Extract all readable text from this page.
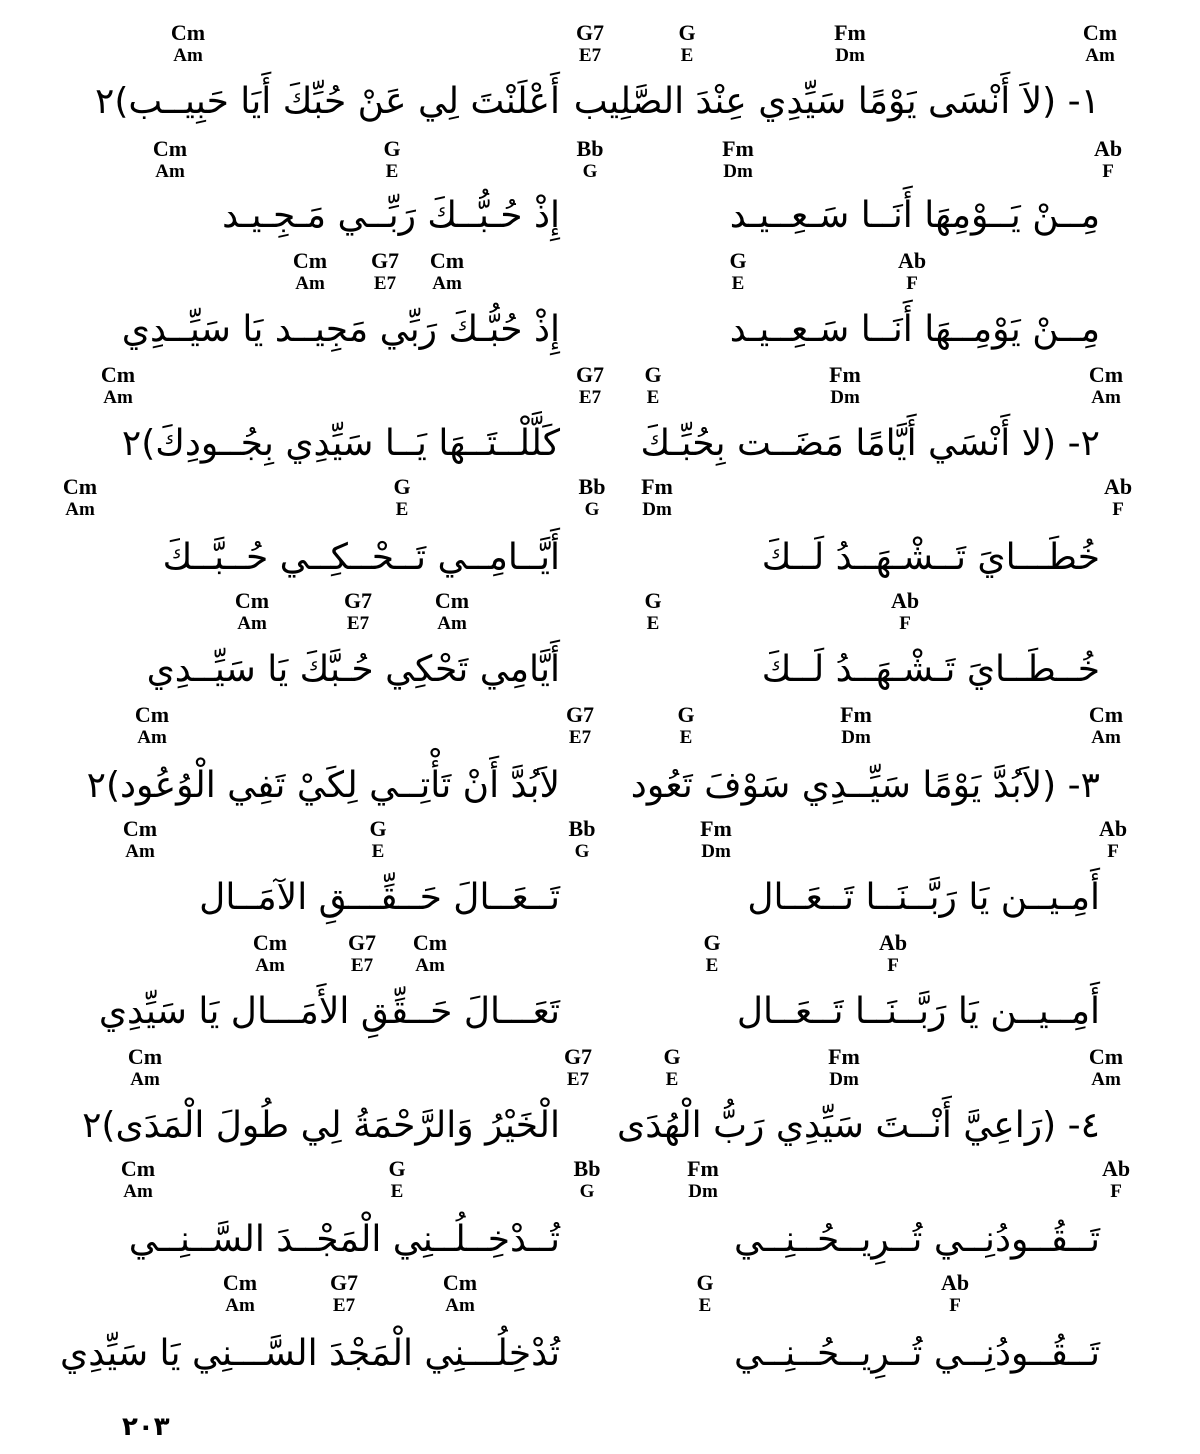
Cm
Am
G7
E7
G
E
Fm
Dm
Cm
Am
١- (لاَ أَنْسَى يَوْمًا سَيِّدِي عِنْدَ الصَّلِيب
أَعْلَنْتَ لِي عَنْ حُبِّكَ أَيَا حَبِيــب)٢
Cm
Am
G
E
Bb
G
Fm
Dm
Ab
F
مِــنْ يَــوْمِهَا أَنَــا سَـعِــيـد
إِذْ حُـبُّــكَ رَبِّــي مَـجِـيـد
Cm
Am
G7
E7
Cm
Am
G
E
Ab
F
مِــنْ يَوْمِــهَا أَنَــا سَـعِــيـد
إِذْ حُبُّـكَ رَبِّي مَجِيــد يَا سَيِّــدِي
Cm
Am
G7
E7
G
E
Fm
Dm
Cm
Am
٢- (لا أَنْسَي أَيَّامًا مَضَــت بِحُبِّـكَ
كَلَّلْــتَــهَا يَــا سَيِّدِي بِجُــودِكَ)٢
Cm
Am
G
E
Bb
G
Fm
Dm
Ab
F
خُطَـــايَ تَــشْـهَــدُ لَــكَ
أَيَّــامِــي تَــحْــكِــي حُــبَّــكَ
Cm
Am
G7
E7
Cm
Am
G
E
Ab
F
خُــطَــايَ تَـشْـهَــدُ لَــكَ
أَيَّامِي تَحْكِي حُـبَّكَ يَا سَيِّــدِي
Cm
Am
G7
E7
G
E
Fm
Dm
Cm
Am
٣- (لاَبُدَّ يَوْمًا سَيِّــدِي سَوْفَ تَعُود
لاَبُدَّ أَنْ تَأْتِــي لِكَيْ تَفِي الْوُعُود)٢
Cm
Am
G
E
Bb
G
Fm
Dm
Ab
F
أَمِـيــن يَا رَبَّــنَــا تَــعَــال
تَــعَــالَ حَــقِّـــقِ الآمَــال
Cm
Am
G7
E7
Cm
Am
G
E
Ab
F
أَمِــيــن يَا رَبَّــنَــا تَــعَــال
تَعَـــالَ حَــقِّقِ الأَمَـــال يَا سَيِّدِي
Cm
Am
G7
E7
G
E
Fm
Dm
Cm
Am
٤- (رَاعِيَّ أَنْــتَ سَيِّدِي رَبُّ الْهُدَى
الْخَيْرُ وَالرَّحْمَةُ لِي طُولَ الْمَدَى)٢
Cm
Am
G
E
Bb
G
Fm
Dm
Ab
F
تَــقُــودُنِــي تُــرِيــحُــنِــي
تُــدْخِــلُــنِي الْمَجْــدَ السَّــنِــي
Cm
Am
G7
E7
Cm
Am
G
E
Ab
F
تَــقُــودُنِــي تُــرِيــحُــنِــي
تُدْخِلُـــنِي الْمَجْدَ السَّـــنِي يَا سَيِّدِي
٢٠٣
